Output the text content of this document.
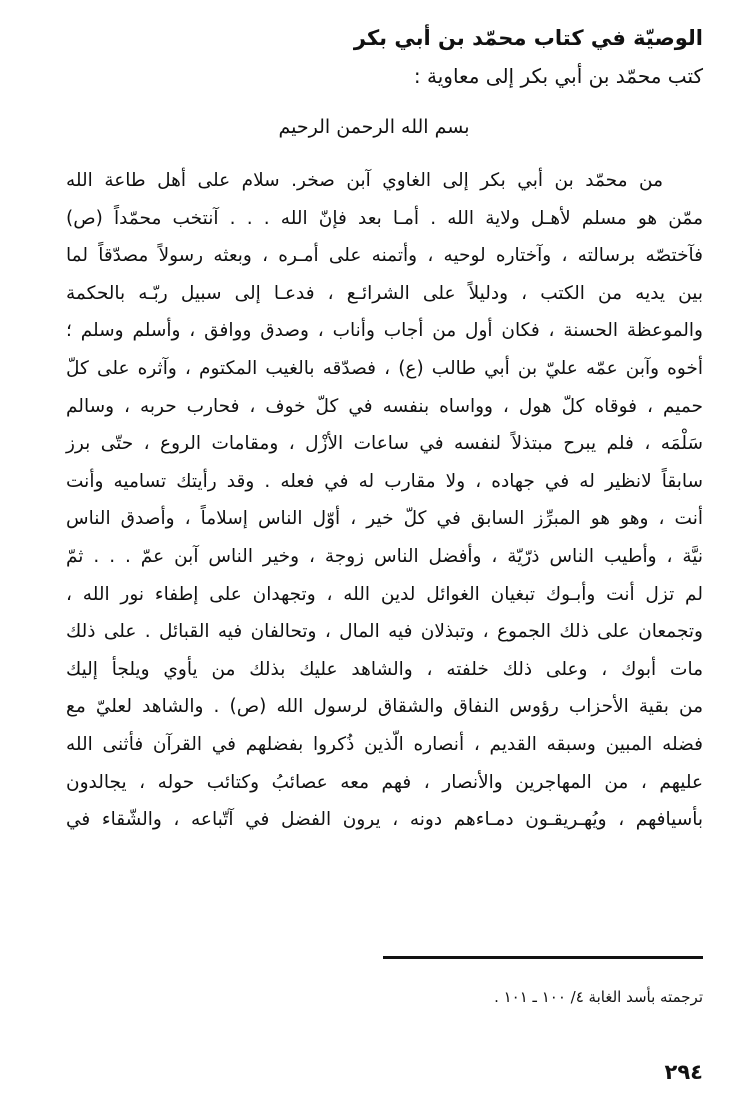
الوصيّة في كتاب محمّد بن أبي بكر
كتب محمّد بن أبي بكر إلى معاوية :
بسم الله الرحمن الرحيم
من محمّد بن أبي بكر إلى الغاوي آبن صخر. سلام على أهل طاعة الله
ممّن هو مسلم لأهـل ولاية الله . أمـا بعد فإنّ الله . . . آنتخب محمّداً (ص)
فآختصّه برسالته ، وآختاره لوحيه ، وأتمنه على أمـره ، وبعثه رسولاً مصدّقاً لما
بين يديه من الكتب ، ودليلاً على الشرائـع ، فدعـا إلى سبيل ربّـه بالحكمة
والموعظة الحسنة ، فكان أول من أجاب وأناب ، وصدق ووافق ، وأسلم وسلم ؛
أخوه وآبن عمّه عليّ بن أبي طالب (ع) ، فصدّقه بالغيب المكتوم ، وآثره على كلّ
حميم ، فوقاه كلّ هول ، وواساه بنفسه في كلّ خوف ، فحارب حربه ، وسالم
سَلْمَه ، فلم يبرح مبتذلاً لنفسه في ساعات الأزْل ، ومقامات الروع ، حتّى برز
سابقاً لانظير له في جهاده ، ولا مقارب له في فعله . وقد رأيتك تساميه وأنت
أنت ، وهو هو المبرِّز السابق في كلّ خير ، أوّل الناس إسلاماً ، وأصدق الناس
نيَّة ، وأطيب الناس ذرّيّة ، وأفضل الناس زوجة ، وخير الناس آبن عمّ . . . ثمّ
لم تزل أنت وأبـوك تبغيان الغوائل لدين الله ، وتجهدان على إطفاء نور الله ،
وتجمعان على ذلك الجموع ، وتبذلان فيه المال ، وتحالفان فيه القبائل . على ذلك
مات أبوك ، وعلى ذلك خلفته ، والشاهد عليك بذلك من يأوي ويلجأ إليك
من بقية الأحزاب رؤوس النفاق والشقاق لرسول الله (ص) . والشاهد لعليّ مع
فضله المبين وسبقه القديم ، أنصاره الّذين ذُكروا بفضلهم في القرآن فأثنى الله
عليهم ، من المهاجرين والأنصار ، فهم معه عصائبُ وكتائب حوله ، يجالدون
بأسيافهم ، ويُهـريقـون دمـاءهم دونه ، يرون الفضل في آتّباعه ، والشّقاء في
ترجمته بأسد الغابة ٤/ ١٠٠ ـ ١٠١ .
٢٩٤
